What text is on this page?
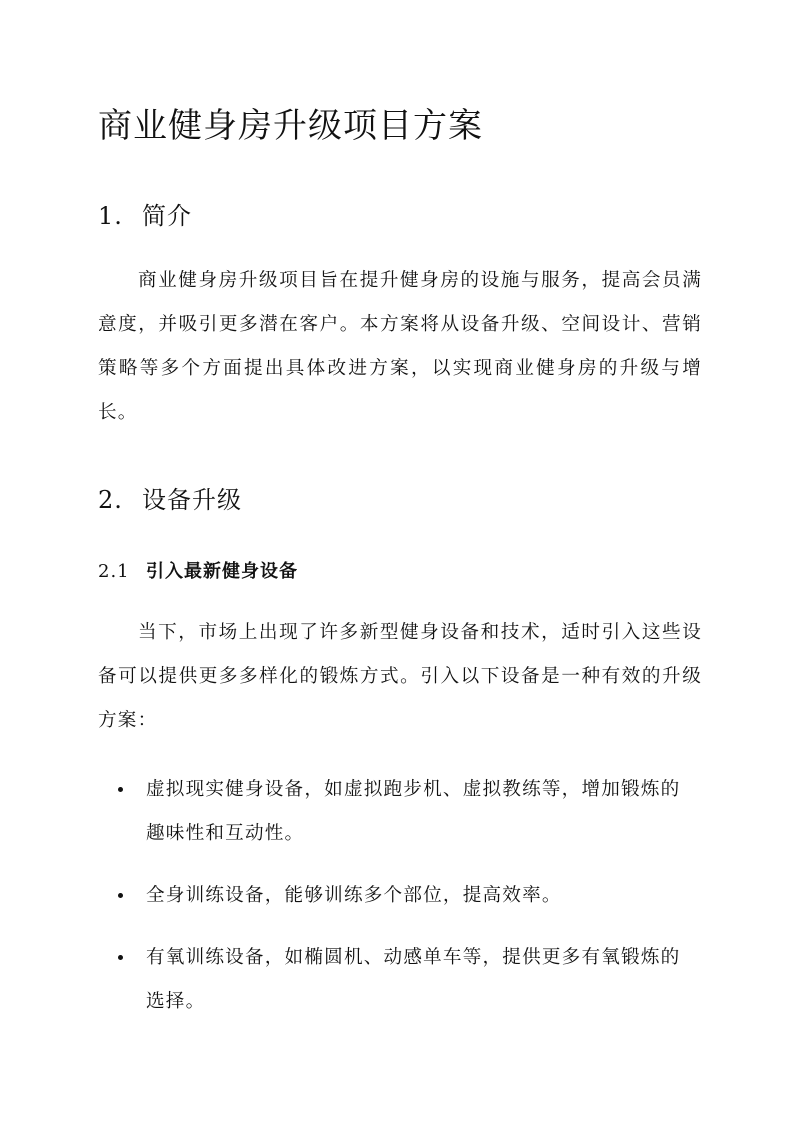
商业健身房升级项目方案
1. 简介

商业健身房升级项目旨在提升健身房的设施与服务，提高会员满意度，并吸引更多潜在客户。本方案将从设备升级、空间设计、营销策略等多个方面提出具体改进方案，以实现商业健身房的升级与增长。

2. 设备升级
2.1 引入最新健身设备

当下，市场上出现了许多新型健身设备和技术，适时引入这些设备可以提供更多多样化的锻炼方式。引入以下设备是一种有效的升级方案：

虚拟现实健身设备，如虚拟跑步机、虚拟教练等，增加锻炼的趣味性和互动性。
全身训练设备，能够训练多个部位，提高效率。
有氧训练设备，如椭圆机、动感单车等，提供更多有氧锻炼的选择。
